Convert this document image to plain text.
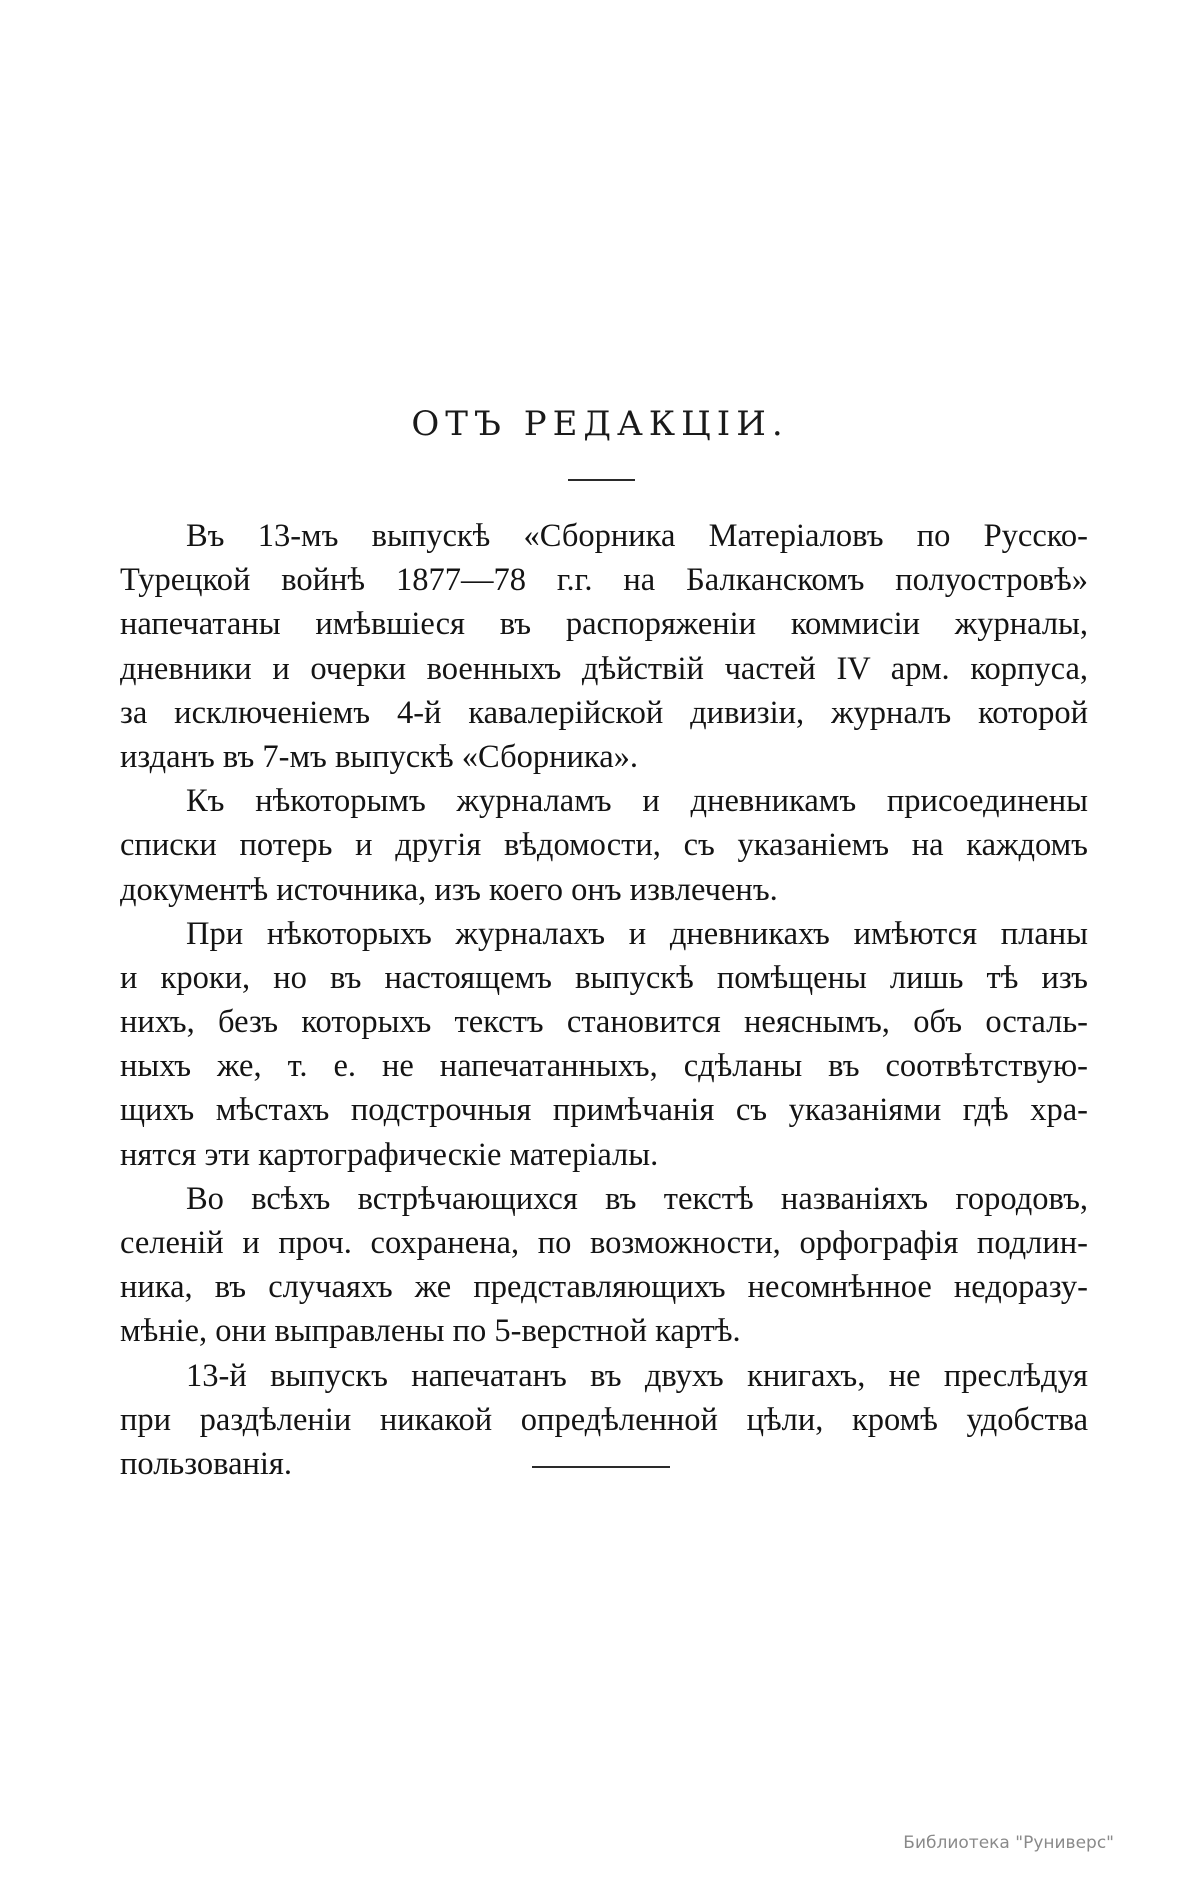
ОТЪ РЕДАКЦІИ.
Въ 13-мъ выпускѣ «Сборника Матеріаловъ по Русско-
Турецкой войнѣ 1877—78 г.г. на Балканскомъ полуостровѣ»
напечатаны имѣвшіеся въ распоряженіи коммисіи журналы,
дневники и очерки военныхъ дѣйствій частей IV арм. корпуса,
за исключеніемъ 4-й кавалерійской дивизіи, журналъ которой
изданъ въ 7-мъ выпускѣ «Сборника».
Къ нѣкоторымъ журналамъ и дневникамъ присоединены
списки потерь и другія вѣдомости, съ указаніемъ на каждомъ
документѣ источника, изъ коего онъ извлеченъ.
При нѣкоторыхъ журналахъ и дневникахъ имѣются планы
и кроки, но въ настоящемъ выпускѣ помѣщены лишь тѣ изъ
нихъ, безъ которыхъ текстъ становится неяснымъ, объ осталь-
ныхъ же, т. е. не напечатанныхъ, сдѣланы въ соотвѣтствую-
щихъ мѣстахъ подстрочныя примѣчанія съ указаніями гдѣ хра-
нятся эти картографическіе матеріалы.
Во всѣхъ встрѣчающихся въ текстѣ названіяхъ городовъ,
селеній и проч. сохранена, по возможности, орфографія подлин-
ника, въ случаяхъ же представляющихъ несомнѣнное недоразу-
мѣніе, они выправлены по 5-верстной картѣ.
13-й выпускъ напечатанъ въ двухъ книгахъ, не преслѣдуя
при раздѣленіи никакой опредѣленной цѣли, кромѣ удобства
пользованія.
Библиотека "Руниверс"
